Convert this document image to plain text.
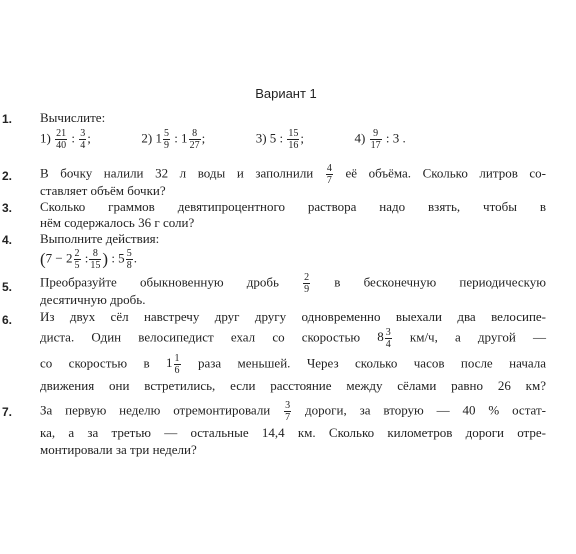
Вариант 1
1. Вычислите:
$1) \frac{21}{40}$ : $\frac{3}{4}$ ;	2) $1 \frac{5}{9}$ : $1 \frac{8}{27}$ ;	3) 5 : $\frac{15}{16}$ ;	$4) \frac{9}{17}$ : 3 .
2. В бочку налили 32 л воды и заполнили $\frac{4}{7}$ её объёма. Сколько литров со-
ставляет объём бочки?
3. Сколько граммов девятипроцентного раствора надо взять, чтобы в
нём содержалось 36 г соли?
4. Выполните действия:
($7 - 2 \frac{2}{5}$ : $\frac{8}{15}$ ) : $5 \frac{5}{8}$ .
5. Преобразуйте обыкновенную дробь $\frac{2}{9}$ в бесконечную периодическую
десятичную дробь.
6. Из двух сёл навстречу друг другу одновременно выехали два велосипе-
диста. Один велосипедист ехал со скоростью $8 \frac{3}{4} км/ч$, а другой —
со скоростью в $1 \frac{1}{6}$ раза меньшей. Через сколько часов после начала
движения они встретились, если расстояние между сёлами равно 26 км?
7. За первую неделю отремонтировали $\frac{3}{7}$ дороги, за вторую — 40 % остат-
ка, а за третью — остальные 14,4 км. Сколько километров дороги отре-
монтировали за три недели?
